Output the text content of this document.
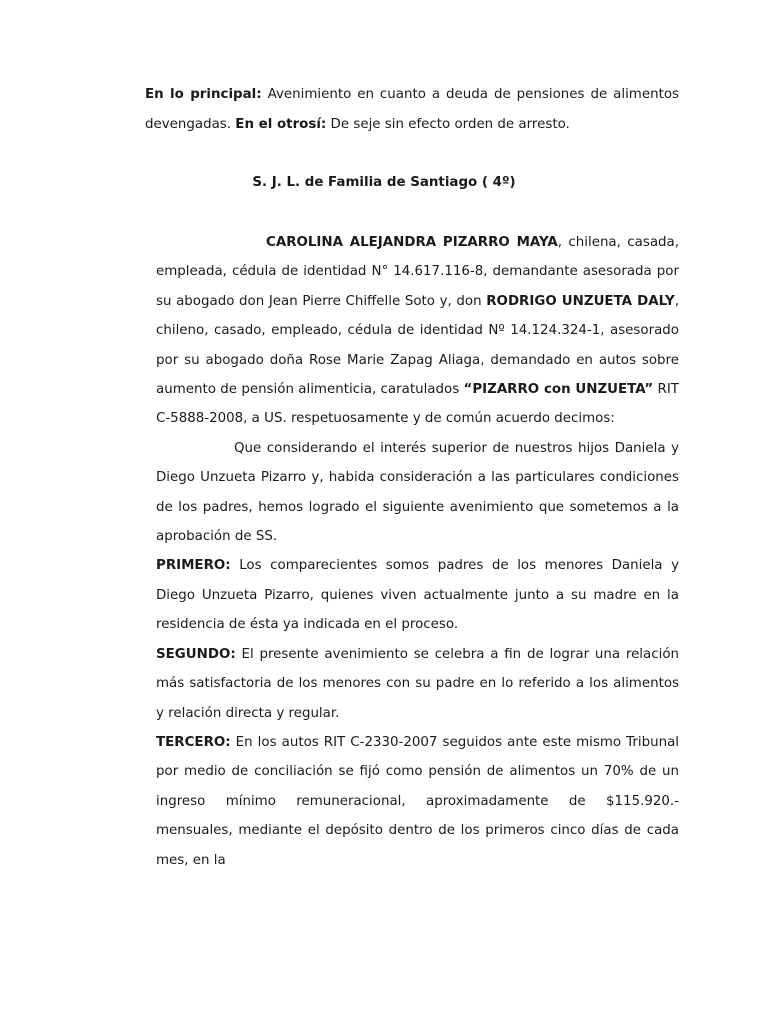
En lo principal: Avenimiento en cuanto a deuda de pensiones de alimentos devengadas. En el otrosí: De seje sin efecto orden de arresto.
S. J. L. de Familia de Santiago ( 4º)

CAROLINA ALEJANDRA PIZARRO MAYA, chilena, casada, empleada, cédula de identidad N° 14.617.116-8, demandante asesorada por su abogado don Jean Pierre Chiffelle Soto y, don RODRIGO UNZUETA DALY, chileno, casado, empleado, cédula de identidad Nº 14.124.324-1, asesorado por su abogado doña Rose Marie Zapag Aliaga, demandado en autos sobre aumento de pensión alimenticia, caratulados “PIZARRO con UNZUETA” RIT C-5888-2008, a US. respetuosamente y de común acuerdo decimos:

Que considerando el interés superior de nuestros hijos Daniela y Diego Unzueta Pizarro y, habida consideración a las particulares condiciones de los padres, hemos logrado el siguiente avenimiento que sometemos a la aprobación de SS.

PRIMERO: Los comparecientes somos padres de los menores Daniela y Diego Unzueta Pizarro, quienes viven actualmente junto a su madre en la residencia de ésta ya indicada en el proceso.

SEGUNDO: El presente avenimiento se celebra a fin de lograr una relación más satisfactoria de los menores con su padre en lo referido a los alimentos y relación directa y regular.

TERCERO: En los autos RIT C-2330-2007 seguidos ante este mismo Tribunal por medio de conciliación se fijó como pensión de alimentos un 70% de un ingreso mínimo remuneracional, aproximadamente de $115.920.- mensuales, mediante el depósito dentro de los primeros cinco días de cada mes, en la
